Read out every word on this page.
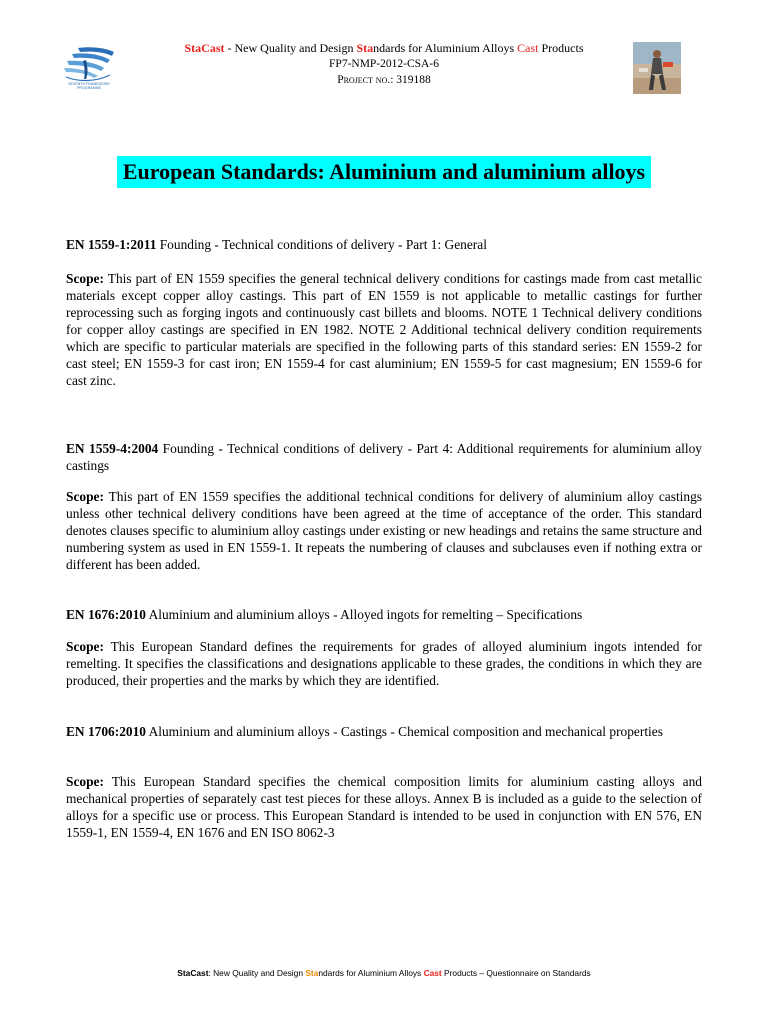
SEVENTH FRAMEWORK PROGRAMME
StaCast - New Quality and Design Standards for Aluminium Alloys Cast Products
FP7-NMP-2012-CSA-6
Project no.: 319188
European Standards: Aluminium and aluminium alloys
EN 1559-1:2011 Founding - Technical conditions of delivery - Part 1: General
Scope: This part of EN 1559 specifies the general technical delivery conditions for castings made from cast metallic materials except copper alloy castings. This part of EN 1559 is not applicable to metallic castings for further reprocessing such as forging ingots and continuously cast billets and blooms. NOTE 1 Technical delivery conditions for copper alloy castings are specified in EN 1982. NOTE 2 Additional technical delivery condition requirements which are specific to particular materials are specified in the following parts of this standard series: EN 1559-2 for cast steel; EN 1559-3 for cast iron; EN 1559-4 for cast aluminium; EN 1559-5 for cast magnesium; EN 1559-6 for cast zinc.
EN 1559-4:2004 Founding - Technical conditions of delivery - Part 4: Additional requirements for aluminium alloy castings
Scope: This part of EN 1559 specifies the additional technical conditions for delivery of aluminium alloy castings unless other technical delivery conditions have been agreed at the time of acceptance of the order. This standard denotes clauses specific to aluminium alloy castings under existing or new headings and retains the same structure and numbering system as used in EN 1559-1. It repeats the numbering of clauses and subclauses even if nothing extra or different has been added.
EN 1676:2010 Aluminium and aluminium alloys - Alloyed ingots for remelting – Specifications
Scope: This European Standard defines the requirements for grades of alloyed aluminium ingots intended for remelting. It specifies the classifications and designations applicable to these grades, the conditions in which they are produced, their properties and the marks by which they are identified.
EN 1706:2010 Aluminium and aluminium alloys - Castings - Chemical composition and mechanical properties
Scope: This European Standard specifies the chemical composition limits for aluminium casting alloys and mechanical properties of separately cast test pieces for these alloys. Annex B is included as a guide to the selection of alloys for a specific use or process. This European Standard is intended to be used in conjunction with EN 576, EN 1559-1, EN 1559-4, EN 1676 and EN ISO 8062-3
StaCast: New Quality and Design Standards for Aluminium Alloys Cast Products – Questionnaire on Standards
